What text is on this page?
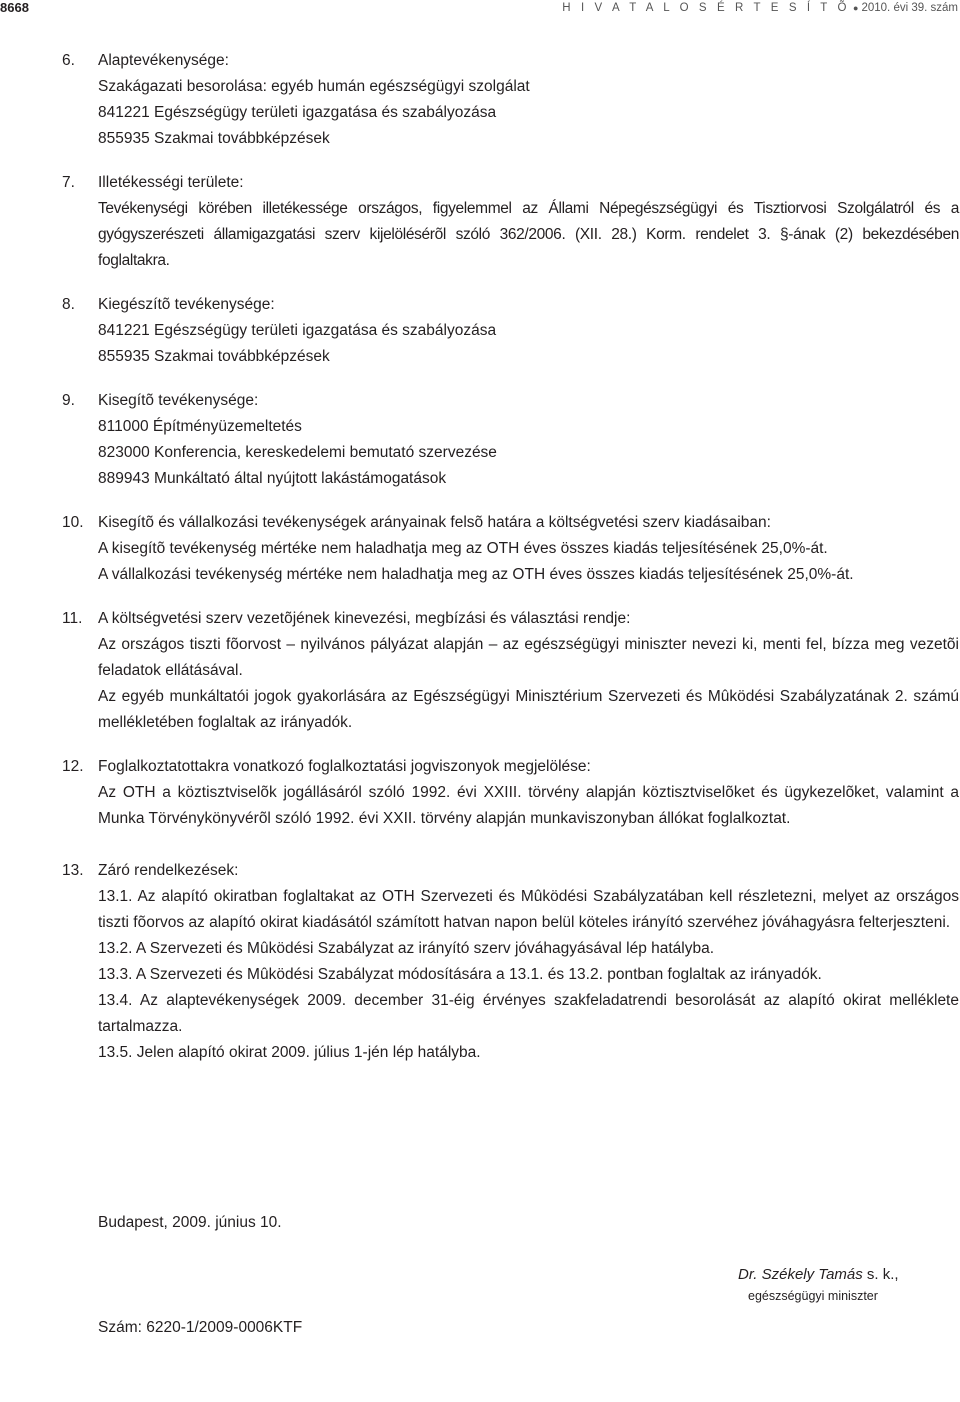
8668	H I V A T A L O S É R T E S Í T Õ ● 2010. évi 39. szám
6.	Alaptevékenysége:
Szakágazati besorolása: egyéb humán egészségügyi szolgálat
841221 Egészségügy területi igazgatása és szabályozása
855935 Szakmai továbbképzések
7.	Illetékességi területe:
Tevékenységi körében illetékessége országos, figyelemmel az Állami Népegészségügyi és Tisztiorvosi Szolgálatról és a gyógyszerészeti államigazgatási szerv kijelölésérõl szóló 362/2006. (XII. 28.) Korm. rendelet 3. §-ának (2) bekezdésében foglaltakra.
8.	Kiegészítõ tevékenysége:
841221 Egészségügy területi igazgatása és szabályozása
855935 Szakmai továbbképzések
9.	Kisegítõ tevékenysége:
811000 Építményüzemeltetés
823000 Konferencia, kereskedelemi bemutató szervezése
889943 Munkáltató által nyújtott lakástámogatások
10. Kisegítõ és vállalkozási tevékenységek arányainak felsõ határa a költségvetési szerv kiadásaiban:
A kisegítõ tevékenység mértéke nem haladhatja meg az OTH éves összes kiadás teljesítésének 25,0%-át.
A vállalkozási tevékenység mértéke nem haladhatja meg az OTH éves összes kiadás teljesítésének 25,0%-át.
11.	A költségvetési szerv vezetõjének kinevezési, megbízási és választási rendje:
Az országos tiszti fõorvost – nyilvános pályázat alapján – az egészségügyi miniszter nevezi ki, menti fel, bízza meg vezetõi feladatok ellátásával.
Az egyéb munkáltatói jogok gyakorlására az Egészségügyi Minisztérium Szervezeti és Mûködési Szabályzatának 2. számú mellékletében foglaltak az irányadók.
12. Foglalkoztatottakra vonatkozó foglalkoztatási jogviszonyok megjelölése:
Az OTH a köztisztviselõk jogállásáról szóló 1992. évi XXIII. törvény alapján köztisztviselõket és ügykezelõket, valamint a Munka Törvénykönyvérõl szóló 1992. évi XXII. törvény alapján munkaviszonyban állókat foglalkoztat.
13. Záró rendelkezések:
13.1. Az alapító okiratban foglaltakat az OTH Szervezeti és Mûködési Szabályzatában kell részletezni, melyet az országos tiszti fõorvos az alapító okirat kiadásától számított hatvan napon belül köteles irányító szervéhez jóváhagyásra felterjeszteni.
13.2. A Szervezeti és Mûködési Szabályzat az irányító szerv jóváhagyásával lép hatályba.
13.3. A Szervezeti és Mûködési Szabályzat módosítására a 13.1. és 13.2. pontban foglaltak az irányadók.
13.4. Az alaptevékenységek 2009. december 31-éig érvényes szakfeladatrendi besorolását az alapító okirat melléklete tartalmazza.
13.5. Jelen alapító okirat 2009. július 1-jén lép hatályba.
Budapest, 2009. június 10.
Dr. Székely Tamás s. k.,
egészségügyi miniszter
Szám: 6220-1/2009-0006KTF
